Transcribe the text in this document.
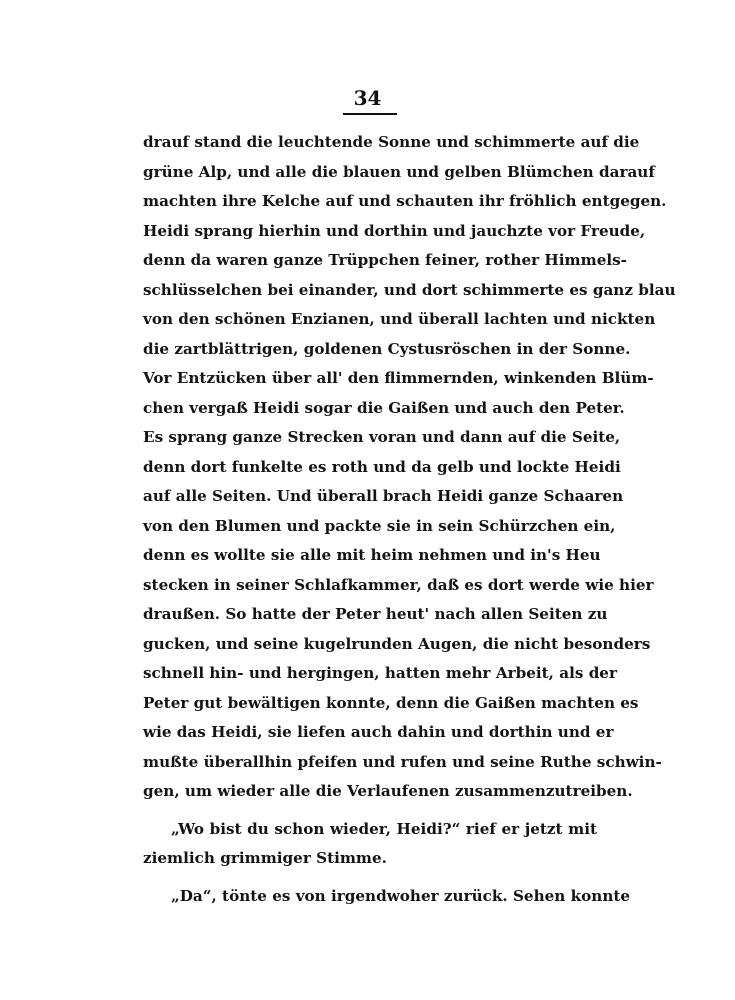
34
drauf stand die leuchtende Sonne und schimmerte auf die
grüne Alp, und alle die blauen und gelben Blümchen darauf
machten ihre Kelche auf und schauten ihr fröhlich entgegen.
Heidi sprang hierhin und dorthin und jauchzte vor Freude,
denn da waren ganze Trüppchen feiner, rother Himmels-
schlüsselchen bei einander, und dort schimmerte es ganz blau
von den schönen Enzianen, und überall lachten und nickten
die zartblättrigen, goldenen Cystusröschen in der Sonne.
Vor Entzücken über all' den flimmernden, winkenden Blüm-
chen vergaß Heidi sogar die Gaißen und auch den Peter.
Es sprang ganze Strecken voran und dann auf die Seite,
denn dort funkelte es roth und da gelb und lockte Heidi
auf alle Seiten. Und überall brach Heidi ganze Schaaren
von den Blumen und packte sie in sein Schürzchen ein,
denn es wollte sie alle mit heim nehmen und in's Heu
stecken in seiner Schlafkammer, daß es dort werde wie hier
draußen. So hatte der Peter heut' nach allen Seiten zu
gucken, und seine kugelrunden Augen, die nicht besonders
schnell hin- und hergingen, hatten mehr Arbeit, als der
Peter gut bewältigen konnte, denn die Gaißen machten es
wie das Heidi, sie liefen auch dahin und dorthin und er
mußte überallhin pfeifen und rufen und seine Ruthe schwin-
gen, um wieder alle die Verlaufenen zusammenzutreiben.
„Wo bist du schon wieder, Heidi?“ rief er jetzt mit
ziemlich grimmiger Stimme.
„Da“, tönte es von irgendwoher zurück. Sehen konnte
